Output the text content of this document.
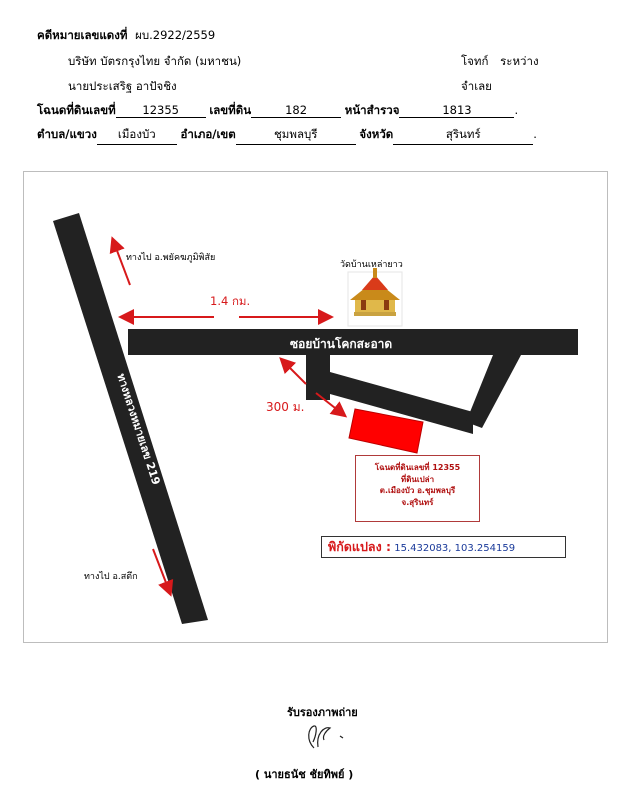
คดีหมายเลขแดงที่ ผบ.2922/2559
บริษัท บัตรกรุงไทย จำกัด (มหาชน)	โจทก์ ระหว่าง
นายประเสริฐ อาปัจชิง	จำเลย
โฉนดที่ดินเลขที่ 12355	เลขที่ดิน	182	หน้าสำรวจ	1813	.
ตำบล/แขวง เมืองบัว อำเภอ/เขต	ชุมพลบุรี	จังหวัด	สุรินทร์	.
ทางไป อ.พยัคฆภูมิพิสัย
1.4 กม.
วัดบ้านเหล่ายาว
ซอยบ้านโคกสะอาด
300 ม.
ทางหลวงหมายเลข 219
ทางไป อ.สตึก
โฉนดที่ดินเลขที่ 12355
ที่ดินเปล่า
ต.เมืองบัว อ.ชุมพลบุรี
จ.สุรินทร์
พิกัดแปลง : 15.432083, 103.254159
รับรองภาพถ่าย
( นายธนัช ชัยทิพย์ )
